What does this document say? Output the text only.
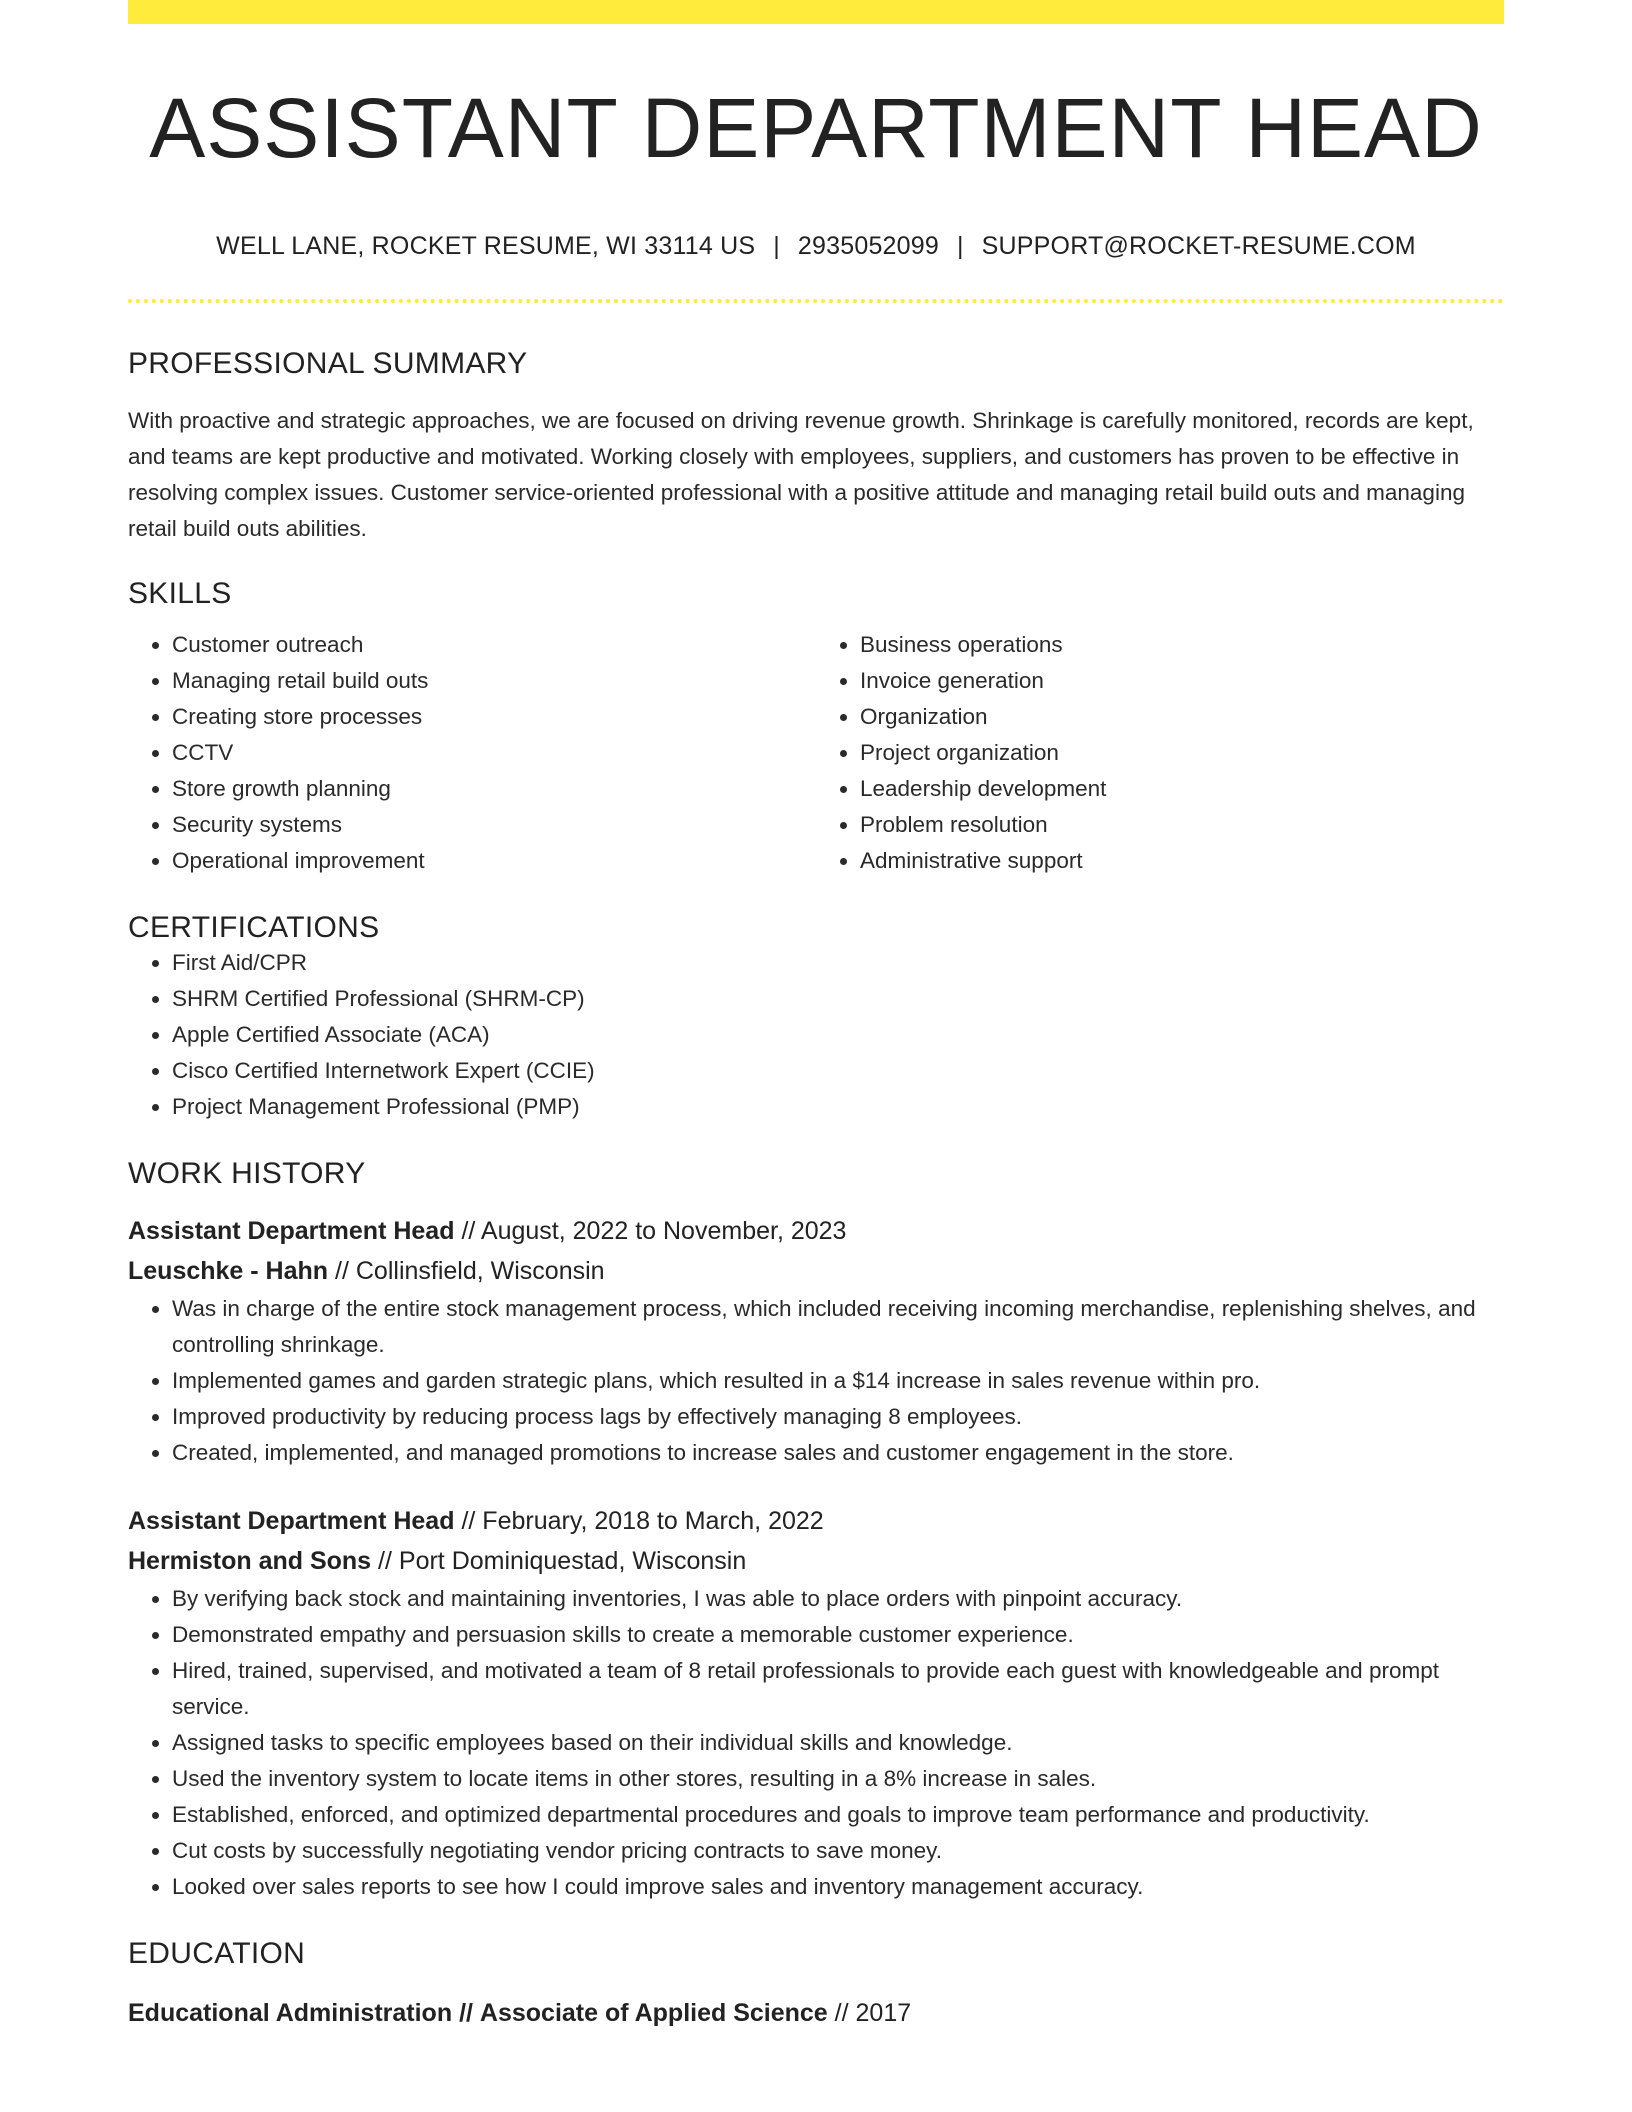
ASSISTANT DEPARTMENT HEAD
WELL LANE, ROCKET RESUME, WI 33114 US | 2935052099 | SUPPORT@ROCKET-RESUME.COM
PROFESSIONAL SUMMARY
With proactive and strategic approaches, we are focused on driving revenue growth. Shrinkage is carefully monitored, records are kept, and teams are kept productive and motivated. Working closely with employees, suppliers, and customers has proven to be effective in resolving complex issues. Customer service-oriented professional with a positive attitude and managing retail build outs and managing retail build outs abilities.
SKILLS
• Customer outreach
• Managing retail build outs
• Creating store processes
• CCTV
• Store growth planning
• Security systems
• Operational improvement
• Business operations
• Invoice generation
• Organization
• Project organization
• Leadership development
• Problem resolution
• Administrative support
CERTIFICATIONS
• First Aid/CPR
• SHRM Certified Professional (SHRM-CP)
• Apple Certified Associate (ACA)
• Cisco Certified Internetwork Expert (CCIE)
• Project Management Professional (PMP)
WORK HISTORY
Assistant Department Head // August, 2022 to November, 2023
Leuschke - Hahn // Collinsfield, Wisconsin
• Was in charge of the entire stock management process, which included receiving incoming merchandise, replenishing shelves, and controlling shrinkage.
• Implemented games and garden strategic plans, which resulted in a $14 increase in sales revenue within pro.
• Improved productivity by reducing process lags by effectively managing 8 employees.
• Created, implemented, and managed promotions to increase sales and customer engagement in the store.
Assistant Department Head // February, 2018 to March, 2022
Hermiston and Sons // Port Dominiquestad, Wisconsin
• By verifying back stock and maintaining inventories, I was able to place orders with pinpoint accuracy.
• Demonstrated empathy and persuasion skills to create a memorable customer experience.
• Hired, trained, supervised, and motivated a team of 8 retail professionals to provide each guest with knowledgeable and prompt service.
• Assigned tasks to specific employees based on their individual skills and knowledge.
• Used the inventory system to locate items in other stores, resulting in a 8% increase in sales.
• Established, enforced, and optimized departmental procedures and goals to improve team performance and productivity.
• Cut costs by successfully negotiating vendor pricing contracts to save money.
• Looked over sales reports to see how I could improve sales and inventory management accuracy.
EDUCATION
Educational Administration // Associate of Applied Science // 2017
